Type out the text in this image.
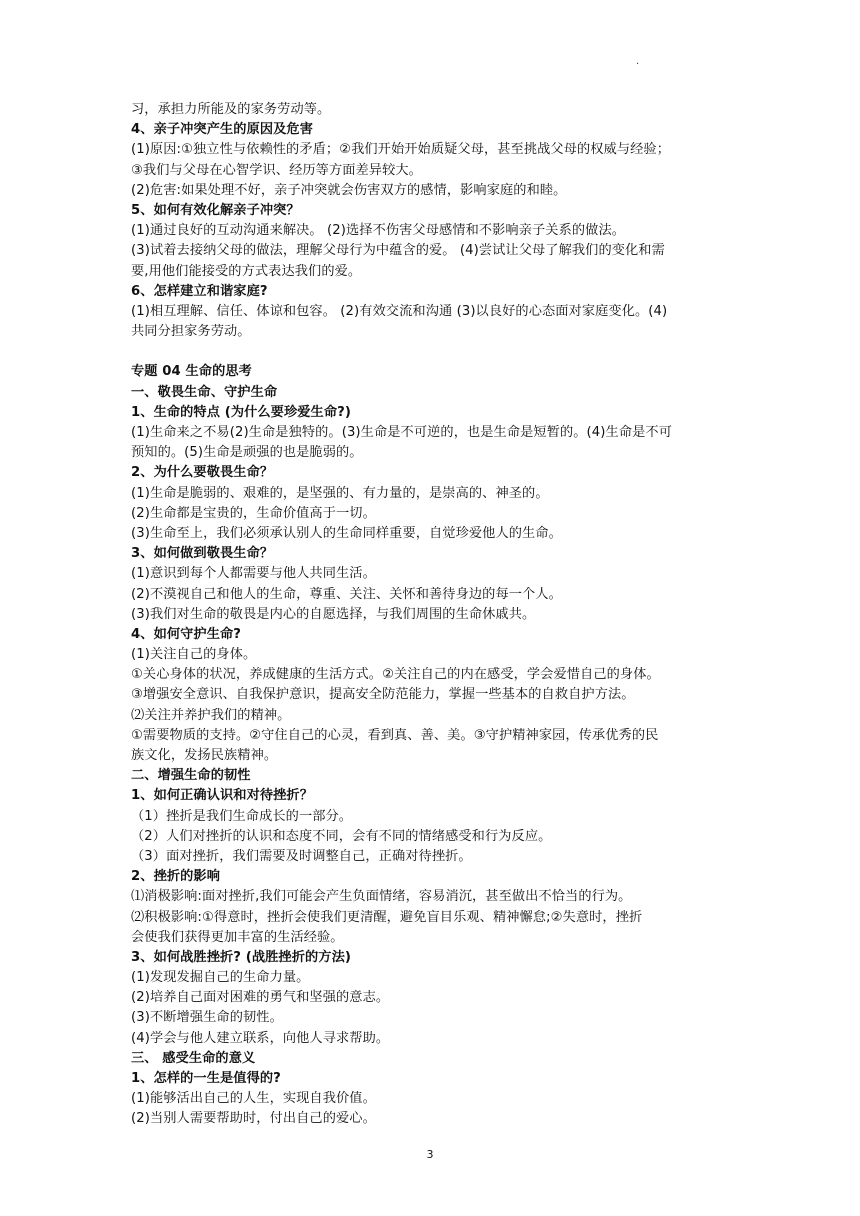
.
习，承担力所能及的家务劳动等。
4、亲子冲突产生的原因及危害
(1)原因:①独立性与依赖性的矛盾；②我们开始开始质疑父母，甚至挑战父母的权威与经验；
③我们与父母在心智学识、经历等方面差异较大。
(2)危害:如果处理不好，亲子冲突就会伤害双方的感情，影响家庭的和睦。
5、如何有效化解亲子冲突？
(1)通过良好的互动沟通来解决。 (2)选择不伤害父母感情和不影响亲子关系的做法。
(3)试着去接纳父母的做法，理解父母行为中蕴含的爱。 (4)尝试让父母了解我们的变化和需
要,用他们能接受的方式表达我们的爱。
6、怎样建立和谐家庭?
(1)相互理解、信任、体谅和包容。 (2)有效交流和沟通 (3)以良好的心态面对家庭变化。(4)
共同分担家务劳动。
专题 04 生命的思考
一、敬畏生命、守护生命
1、生命的特点 (为什么要珍爱生命?)
(1)生命来之不易(2)生命是独特的。(3)生命是不可逆的，也是生命是短暂的。(4)生命是不可
预知的。(5)生命是顽强的也是脆弱的。
2、为什么要敬畏生命？
(1)生命是脆弱的、艰难的，是坚强的、有力量的，是崇高的、神圣的。
(2)生命都是宝贵的，生命价值高于一切。
(3)生命至上，我们必须承认别人的生命同样重要，自觉珍爱他人的生命。
3、如何做到敬畏生命？
(1)意识到每个人都需要与他人共同生活。
(2)不漠视自己和他人的生命，尊重、关注、关怀和善待身边的每一个人。
(3)我们对生命的敬畏是内心的自愿选择，与我们周围的生命休戚共。
4、如何守护生命?
(1)关注自己的身体。
①关心身体的状况，养成健康的生活方式。②关注自己的内在感受，学会爱惜自己的身体。
③增强安全意识、自我保护意识，提高安全防范能力，掌握一些基本的自救自护方法。
⑵关注并养护我们的精神。
①需要物质的支持。②守住自己的心灵，看到真、善、美。③守护精神家园，传承优秀的民
族文化，发扬民族精神。
二、增强生命的韧性
1、如何正确认识和对待挫折？
（1）挫折是我们生命成长的一部分。
（2）人们对挫折的认识和态度不同，会有不同的情绪感受和行为反应。
（3）面对挫折，我们需要及时调整自己，正确对待挫折。
2、挫折的影响
⑴消极影响:面对挫折,我们可能会产生负面情绪，容易消沉，甚至做出不恰当的行为。
⑵积极影响:①得意时，挫折会使我们更清醒，避免盲目乐观、精神懈怠;②失意时，挫折
会使我们获得更加丰富的生活经验。
3、如何战胜挫折? (战胜挫折的方法)
(1)发现发掘自己的生命力量。
(2)培养自己面对困难的勇气和坚强的意志。
(3)不断增强生命的韧性。
(4)学会与他人建立联系，向他人寻求帮助。
三、 感受生命的意义
1、怎样的一生是值得的?
(1)能够活出自己的人生，实现自我价值。
(2)当别人需要帮助时，付出自己的爱心。
3
